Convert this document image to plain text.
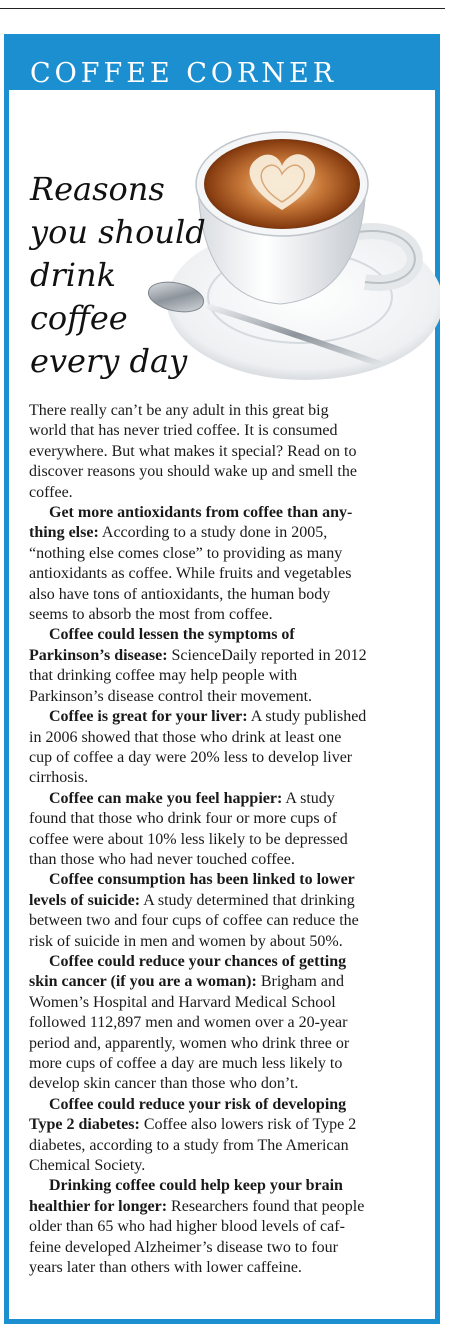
COFFEE CORNER
Reasons
you should
drink
coffee
every day

There really can’t be any adult in this great big
world that has never tried coffee. It is consumed
everywhere. But what makes it special? Read on to
discover reasons you should wake up and smell the
coffee.

Get more antioxidants from coffee than any-
thing else: According to a study done in 2005,
“nothing else comes close” to providing as many
antioxidants as coffee. While fruits and vegetables
also have tons of antioxidants, the human body
seems to absorb the most from coffee.

Coffee could lessen the symptoms of
Parkinson’s disease: ScienceDaily reported in 2012
that drinking coffee may help people with
Parkinson’s disease control their movement.

Coffee is great for your liver: A study published
in 2006 showed that those who drink at least one
cup of coffee a day were 20% less to develop liver
cirrhosis.

Coffee can make you feel happier: A study
found that those who drink four or more cups of
coffee were about 10% less likely to be depressed
than those who had never touched coffee.

Coffee consumption has been linked to lower
levels of suicide: A study determined that drinking
between two and four cups of coffee can reduce the
risk of suicide in men and women by about 50%.

Coffee could reduce your chances of getting
skin cancer (if you are a woman): Brigham and
Women’s Hospital and Harvard Medical School
followed 112,897 men and women over a 20-year
period and, apparently, women who drink three or
more cups of coffee a day are much less likely to
develop skin cancer than those who don’t.

Coffee could reduce your risk of developing
Type 2 diabetes: Coffee also lowers risk of Type 2
diabetes, according to a study from The American
Chemical Society.

Drinking coffee could help keep your brain
healthier for longer: Researchers found that people
older than 65 who had higher blood levels of caf-
feine developed Alzheimer’s disease two to four
years later than others with lower caffeine.
